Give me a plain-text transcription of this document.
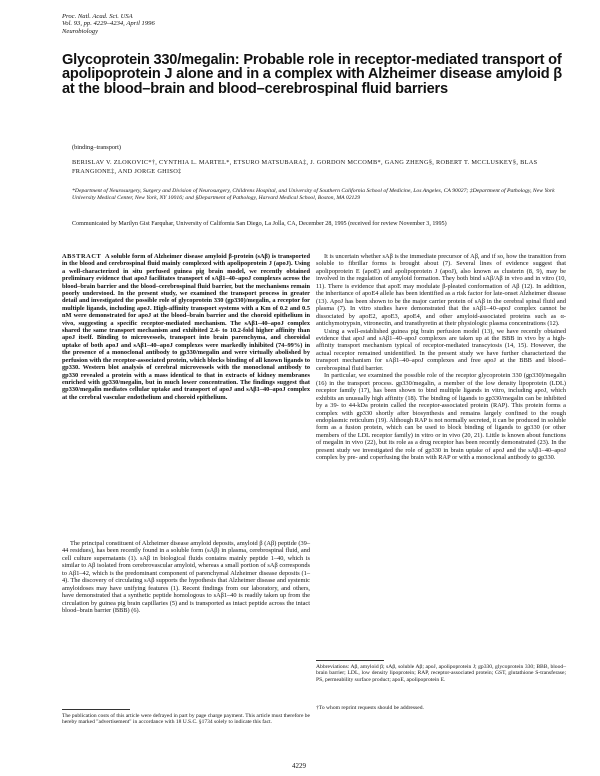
Proc. Natl. Acad. Sci. USA
Vol. 93, pp. 4229–4234, April 1996
Neurobiology
Glycoprotein 330/megalin: Probable role in receptor-mediated transport of apolipoprotein J alone and in a complex with Alzheimer disease amyloid β at the blood–brain and blood–cerebrospinal fluid barriers
(binding–transport)
BERISLAV V. ZLOKOVIC*†, CYNTHIA L. MARTEL*, ETSURO MATSUBARA‡, J. GORDON MCCOMB*, GANG ZHENG§, ROBERT T. MCCLUSKEY§, BLAS FRANGIONE‡, AND JORGE GHISO‡
*Department of Neurosurgery, Surgery and Division of Neurosurgery, Childrens Hospital, and University of Southern California School of Medicine, Los Angeles, CA 90027; ‡Department of Pathology, New York University Medical Center, New York, NY 10016; and §Department of Pathology, Harvard Medical School, Boston, MA 02129
Communicated by Marilyn Gist Farquhar, University of California San Diego, La Jolla, CA, December 28, 1995 (received for review November 3, 1995)
ABSTRACT A soluble form of Alzheimer disease amyloid β-protein (sAβ) is transported in the blood and cerebrospinal fluid mainly complexed with apolipoprotein J (apoJ). Using a well-characterized in situ perfused guinea pig brain model, we recently obtained preliminary evidence that apoJ facilitates transport of sAβ1–40–apoJ complexes across the blood–brain barrier and the blood–cerebrospinal fluid barrier, but the mechanisms remain poorly understood. In the present study, we examined the transport process in greater detail and investigated the possible role of glycoprotein 330 (gp330)/megalin, a receptor for multiple ligands, including apoJ. High-affinity transport systems with a Km of 0.2 and 0.5 nM were demonstrated for apoJ at the blood–brain barrier and the choroid epithelium in vivo, suggesting a specific receptor-mediated mechanism. The sAβ1–40–apoJ complex shared the same transport mechanism and exhibited 2.4- to 10.2-fold higher affinity than apoJ itself. Binding to microvessels, transport into brain parenchyma, and choroidal uptake of both apoJ and sAβ1–40–apoJ complexes were markedly inhibited (74–99%) in the presence of a monoclonal antibody to gp330/megalin and were virtually abolished by perfusion with the receptor-associated protein, which blocks binding of all known ligands to gp330. Western blot analysis of cerebral microvessels with the monoclonal antibody to gp330 revealed a protein with a mass identical to that in extracts of kidney membranes enriched with gp330/megalin, but in much lower concentration. The findings suggest that gp330/megalin mediates cellular uptake and transport of apoJ and sAβ1–40–apoJ complex at the cerebral vascular endothelium and choroid epithelium.
The principal constituent of Alzheimer disease amyloid deposits, amyloid β (Aβ) peptide (39–44 residues), has been recently found in a soluble form (sAβ) in plasma, cerebrospinal fluid, and cell culture supernatants (1). sAβ in biological fluids contains mainly peptide 1–40, which is similar to Aβ isolated from cerebrovascular amyloid, whereas a small portion of sAβ corresponds to Aβ1–42, which is the predominant component of parenchymal Alzheimer disease deposits (1–4). The discovery of circulating sAβ supports the hypothesis that Alzheimer disease and systemic amyloidoses may have unifying features (1). Recent findings from our laboratory, and others, have demonstrated that a synthetic peptide homologous to sAβ1–40 is readily taken up from the circulation by guinea pig brain capillaries (5) and is transported as intact peptide across the intact blood–brain barrier (BBB) (6).
The publication costs of this article were defrayed in part by page charge payment. This article must therefore be hereby marked "advertisement" in accordance with 18 U.S.C. §1734 solely to indicate this fact.

It is uncertain whether sAβ is the immediate precursor of Aβ, and if so, how the transition from soluble to fibrillar forms is brought about (7). Several lines of evidence suggest that apolipoprotein E (apoE) and apolipoprotein J (apoJ), also known as clusterin (8, 9), may be involved in the regulation of amyloid formation. They both bind sAβ/Aβ in vivo and in vitro (10, 11). There is evidence that apoE may modulate β-pleated conformation of Aβ (12). In addition, the inheritance of apoE4 allele has been identified as a risk factor for late-onset Alzheimer disease (13). ApoJ has been shown to be the major carrier protein of sAβ in the cerebral spinal fluid and plasma (7). In vitro studies have demonstrated that the sAβ1–40–apoJ complex cannot be dissociated by apoE2, apoE3, apoE4, and other amyloid-associated proteins such as α-antichymotrypsin, vitronectin, and transthyretin at their physiologic plasma concentrations (12).

Using a well-established guinea pig brain perfusion model (13), we have recently obtained evidence that apoJ and sAβ1–40–apoJ complexes are taken up at the BBB in vivo by a high-affinity transport mechanism typical of receptor-mediated transcytosis (14, 15). However, the actual receptor remained unidentified. In the present study we have further characterized the transport mechanism for sAβ1–40–apoJ complexes and free apoJ at the BBB and blood–cerebrospinal fluid barrier.

In particular, we examined the possible role of the receptor glycoprotein 330 (gp330)/megalin (16) in the transport process. gp330/megalin, a member of the low density lipoprotein (LDL) receptor family (17), has been shown to bind multiple ligands in vitro, including apoJ, which exhibits an unusually high affinity (18). The binding of ligands to gp330/megalin can be inhibited by a 39- to 44-kDa protein called the receptor-associated protein (RAP). This protein forms a complex with gp330 shortly after biosynthesis and remains largely confined to the rough endoplasmic reticulum (19). Although RAP is not normally secreted, it can be produced in soluble form as a fusion protein, which can be used to block binding of ligands to gp330 (or other members of the LDL receptor family) in vitro or in vivo (20, 21). Little is known about functions of megalin in vivo (22), but its role as a drug receptor has been recently demonstrated (23). In the present study we investigated the role of gp330 in brain uptake of apoJ and the sAβ1–40–apoJ complex by pre- and coperfusing the brain with RAP or with a monoclonal antibody to gp330.

Abbreviations: Aβ, amyloid β; sAβ, soluble Aβ; apoJ, apolipoprotein J; gp330, glycoprotein 330; BBB, blood–brain barrier; LDL, low density lipoprotein; RAP, receptor-associated protein; GST, glutathione S-transferase; PS, permeability surface product; apoE, apolipoprotein E.
†To whom reprint requests should be addressed.
4229
